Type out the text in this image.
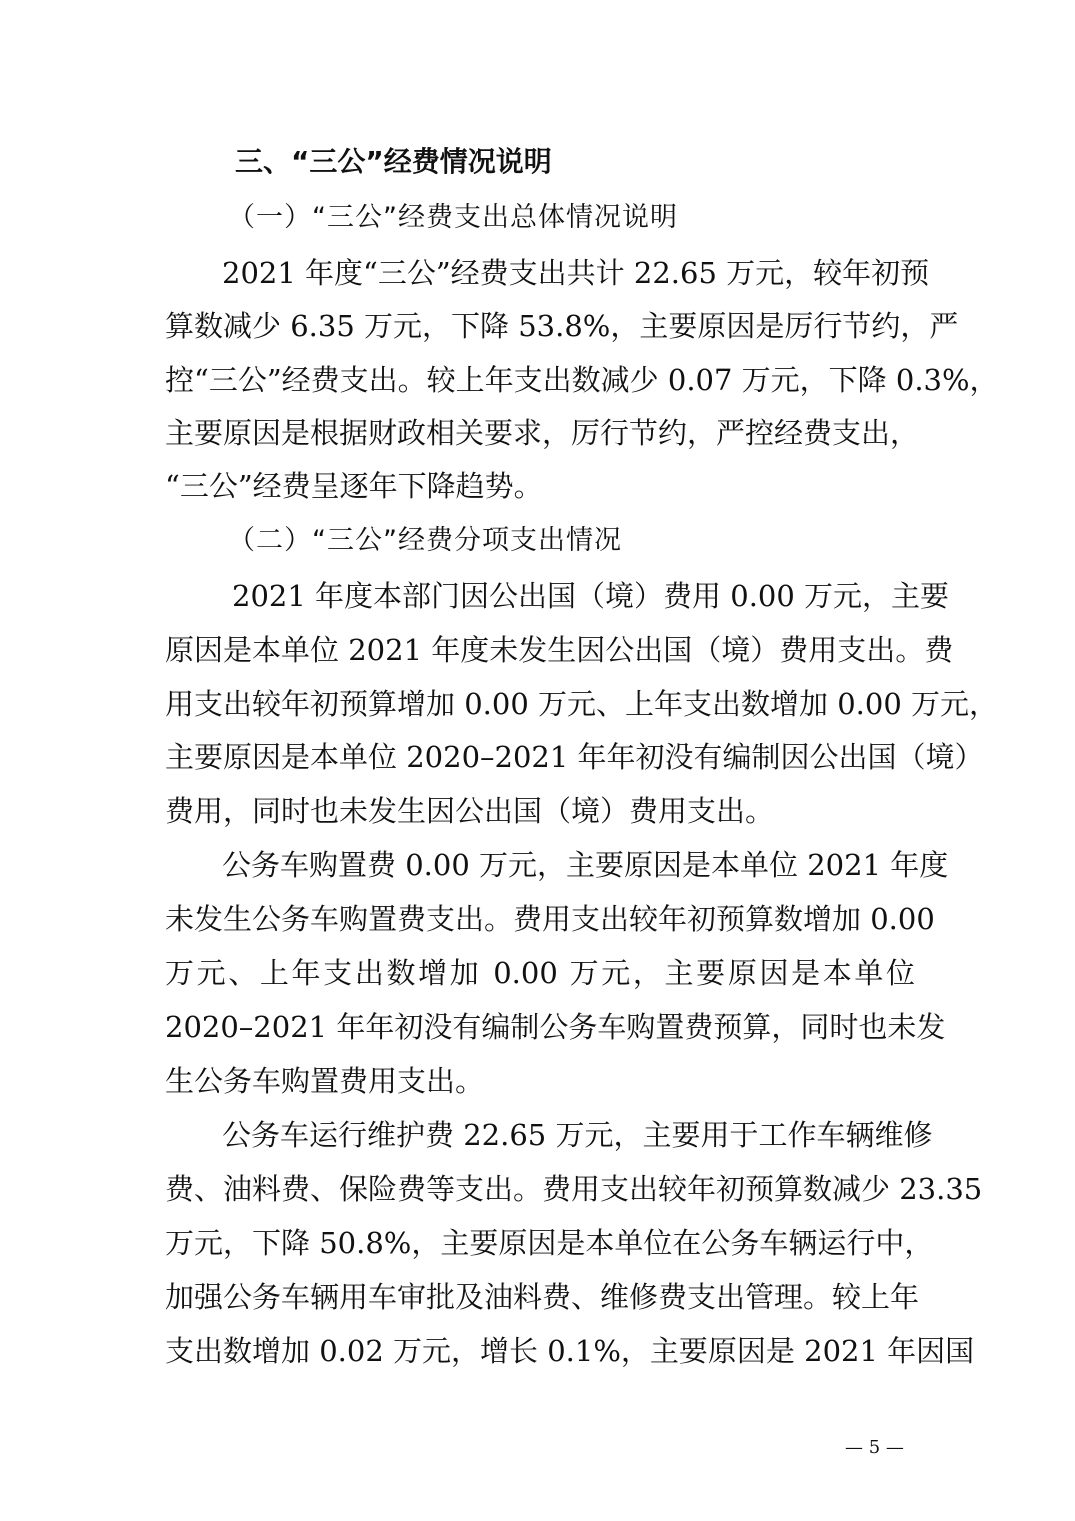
三、“三公”经费情况说明
（一）“三公”经费支出总体情况说明
2021 年度“三公”经费支出共计 22.65 万元，较年初预
算数减少 6.35 万元，下降 53.8%，主要原因是厉行节约，严
控“三公”经费支出。较上年支出数减少 0.07 万元，下降 0.3%，
主要原因是根据财政相关要求，厉行节约，严控经费支出，
“三公”经费呈逐年下降趋势。
（二）“三公”经费分项支出情况
2021 年度本部门因公出国（境）费用 0.00 万元，主要
原因是本单位 2021 年度未发生因公出国（境）费用支出。费
用支出较年初预算增加 0.00 万元、上年支出数增加 0.00 万元，
主要原因是本单位 2020–2021 年年初没有编制因公出国（境）
费用，同时也未发生因公出国（境）费用支出。
公务车购置费 0.00 万元，主要原因是本单位 2021 年度
未发生公务车购置费支出。费用支出较年初预算数增加 0.00
万元、上年支出数增加 0.00 万元，主要原因是本单位
2020–2021 年年初没有编制公务车购置费预算，同时也未发
生公务车购置费用支出。
公务车运行维护费 22.65 万元，主要用于工作车辆维修
费、油料费、保险费等支出。费用支出较年初预算数减少 23.35
万元，下降 50.8%，主要原因是本单位在公务车辆运行中，
加强公务车辆用车审批及油料费、维修费支出管理。较上年
支出数增加 0.02 万元，增长 0.1%，主要原因是 2021 年因国
— 5 —
